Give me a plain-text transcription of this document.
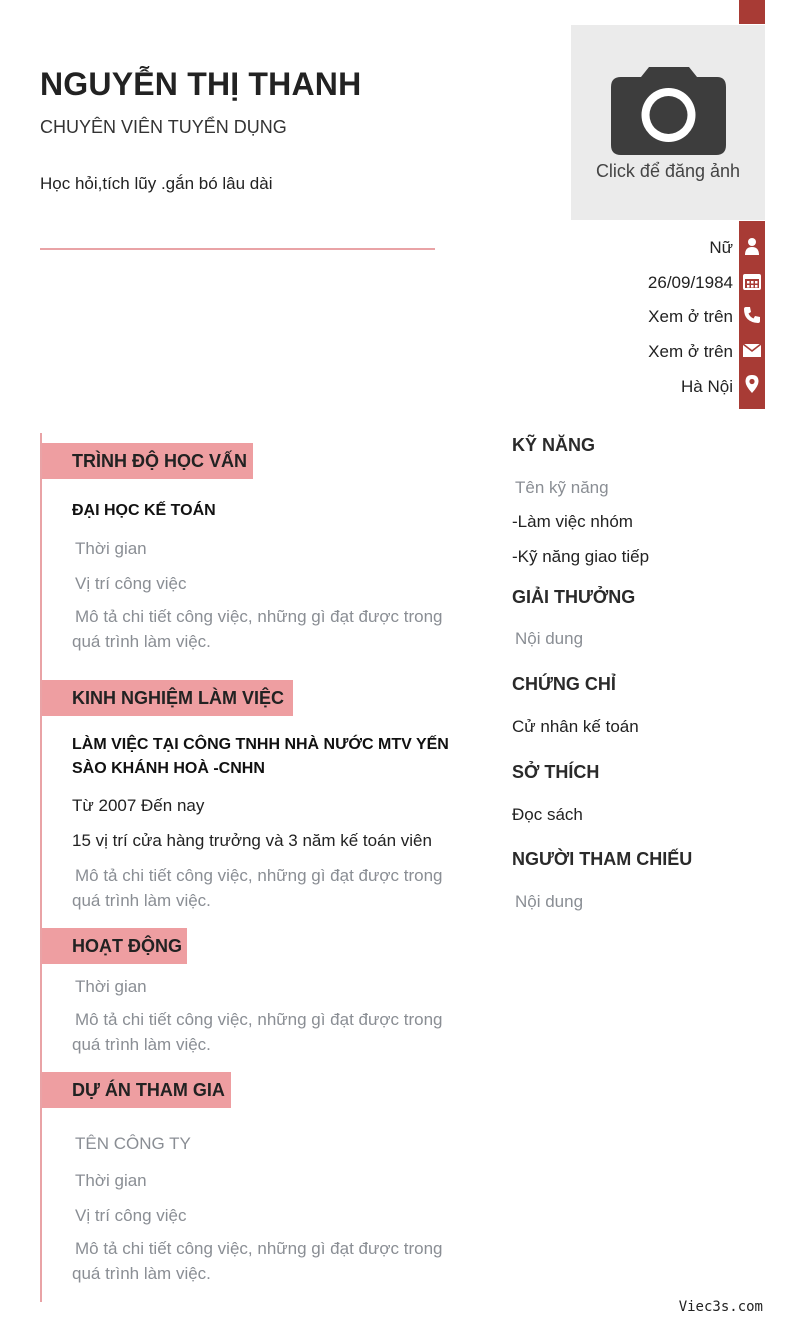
NGUYỄN THỊ THANH
CHUYÊN VIÊN TUYỂN DỤNG
Học hỏi,tích lũy .gắn bó lâu dài
Click để đăng ảnh
Nữ
26/09/1984
Xem ở trên
Xem ở trên
Hà Nội
TRÌNH ĐỘ HỌC VẤN
ĐẠI HỌC KẾ TOÁN
Thời gian
Vị trí công việc
Mô tả chi tiết công việc, những gì đạt được trong quá trình làm việc.
KINH NGHIỆM LÀM VIỆC
LÀM VIỆC TẠI CÔNG TNHH NHÀ NƯỚC MTV YẾN SÀO KHÁNH HOÀ -CNHN
Từ 2007 Đến nay
15 vị trí cửa hàng trưởng và 3 năm kế toán viên
Mô tả chi tiết công việc, những gì đạt được trong quá trình làm việc.
HOẠT ĐỘNG
Thời gian
Mô tả chi tiết công việc, những gì đạt được trong quá trình làm việc.
DỰ ÁN THAM GIA
TÊN CÔNG TY
Thời gian
Vị trí công việc
Mô tả chi tiết công việc, những gì đạt được trong quá trình làm việc.
KỸ NĂNG
Tên kỹ năng
-Làm việc nhóm
-Kỹ năng giao tiếp
GIẢI THƯỞNG
Nội dung
CHỨNG CHỈ
Cử nhân kế toán
SỞ THÍCH
Đọc sách
NGƯỜI THAM CHIẾU
Nội dung
Viec3s.com
